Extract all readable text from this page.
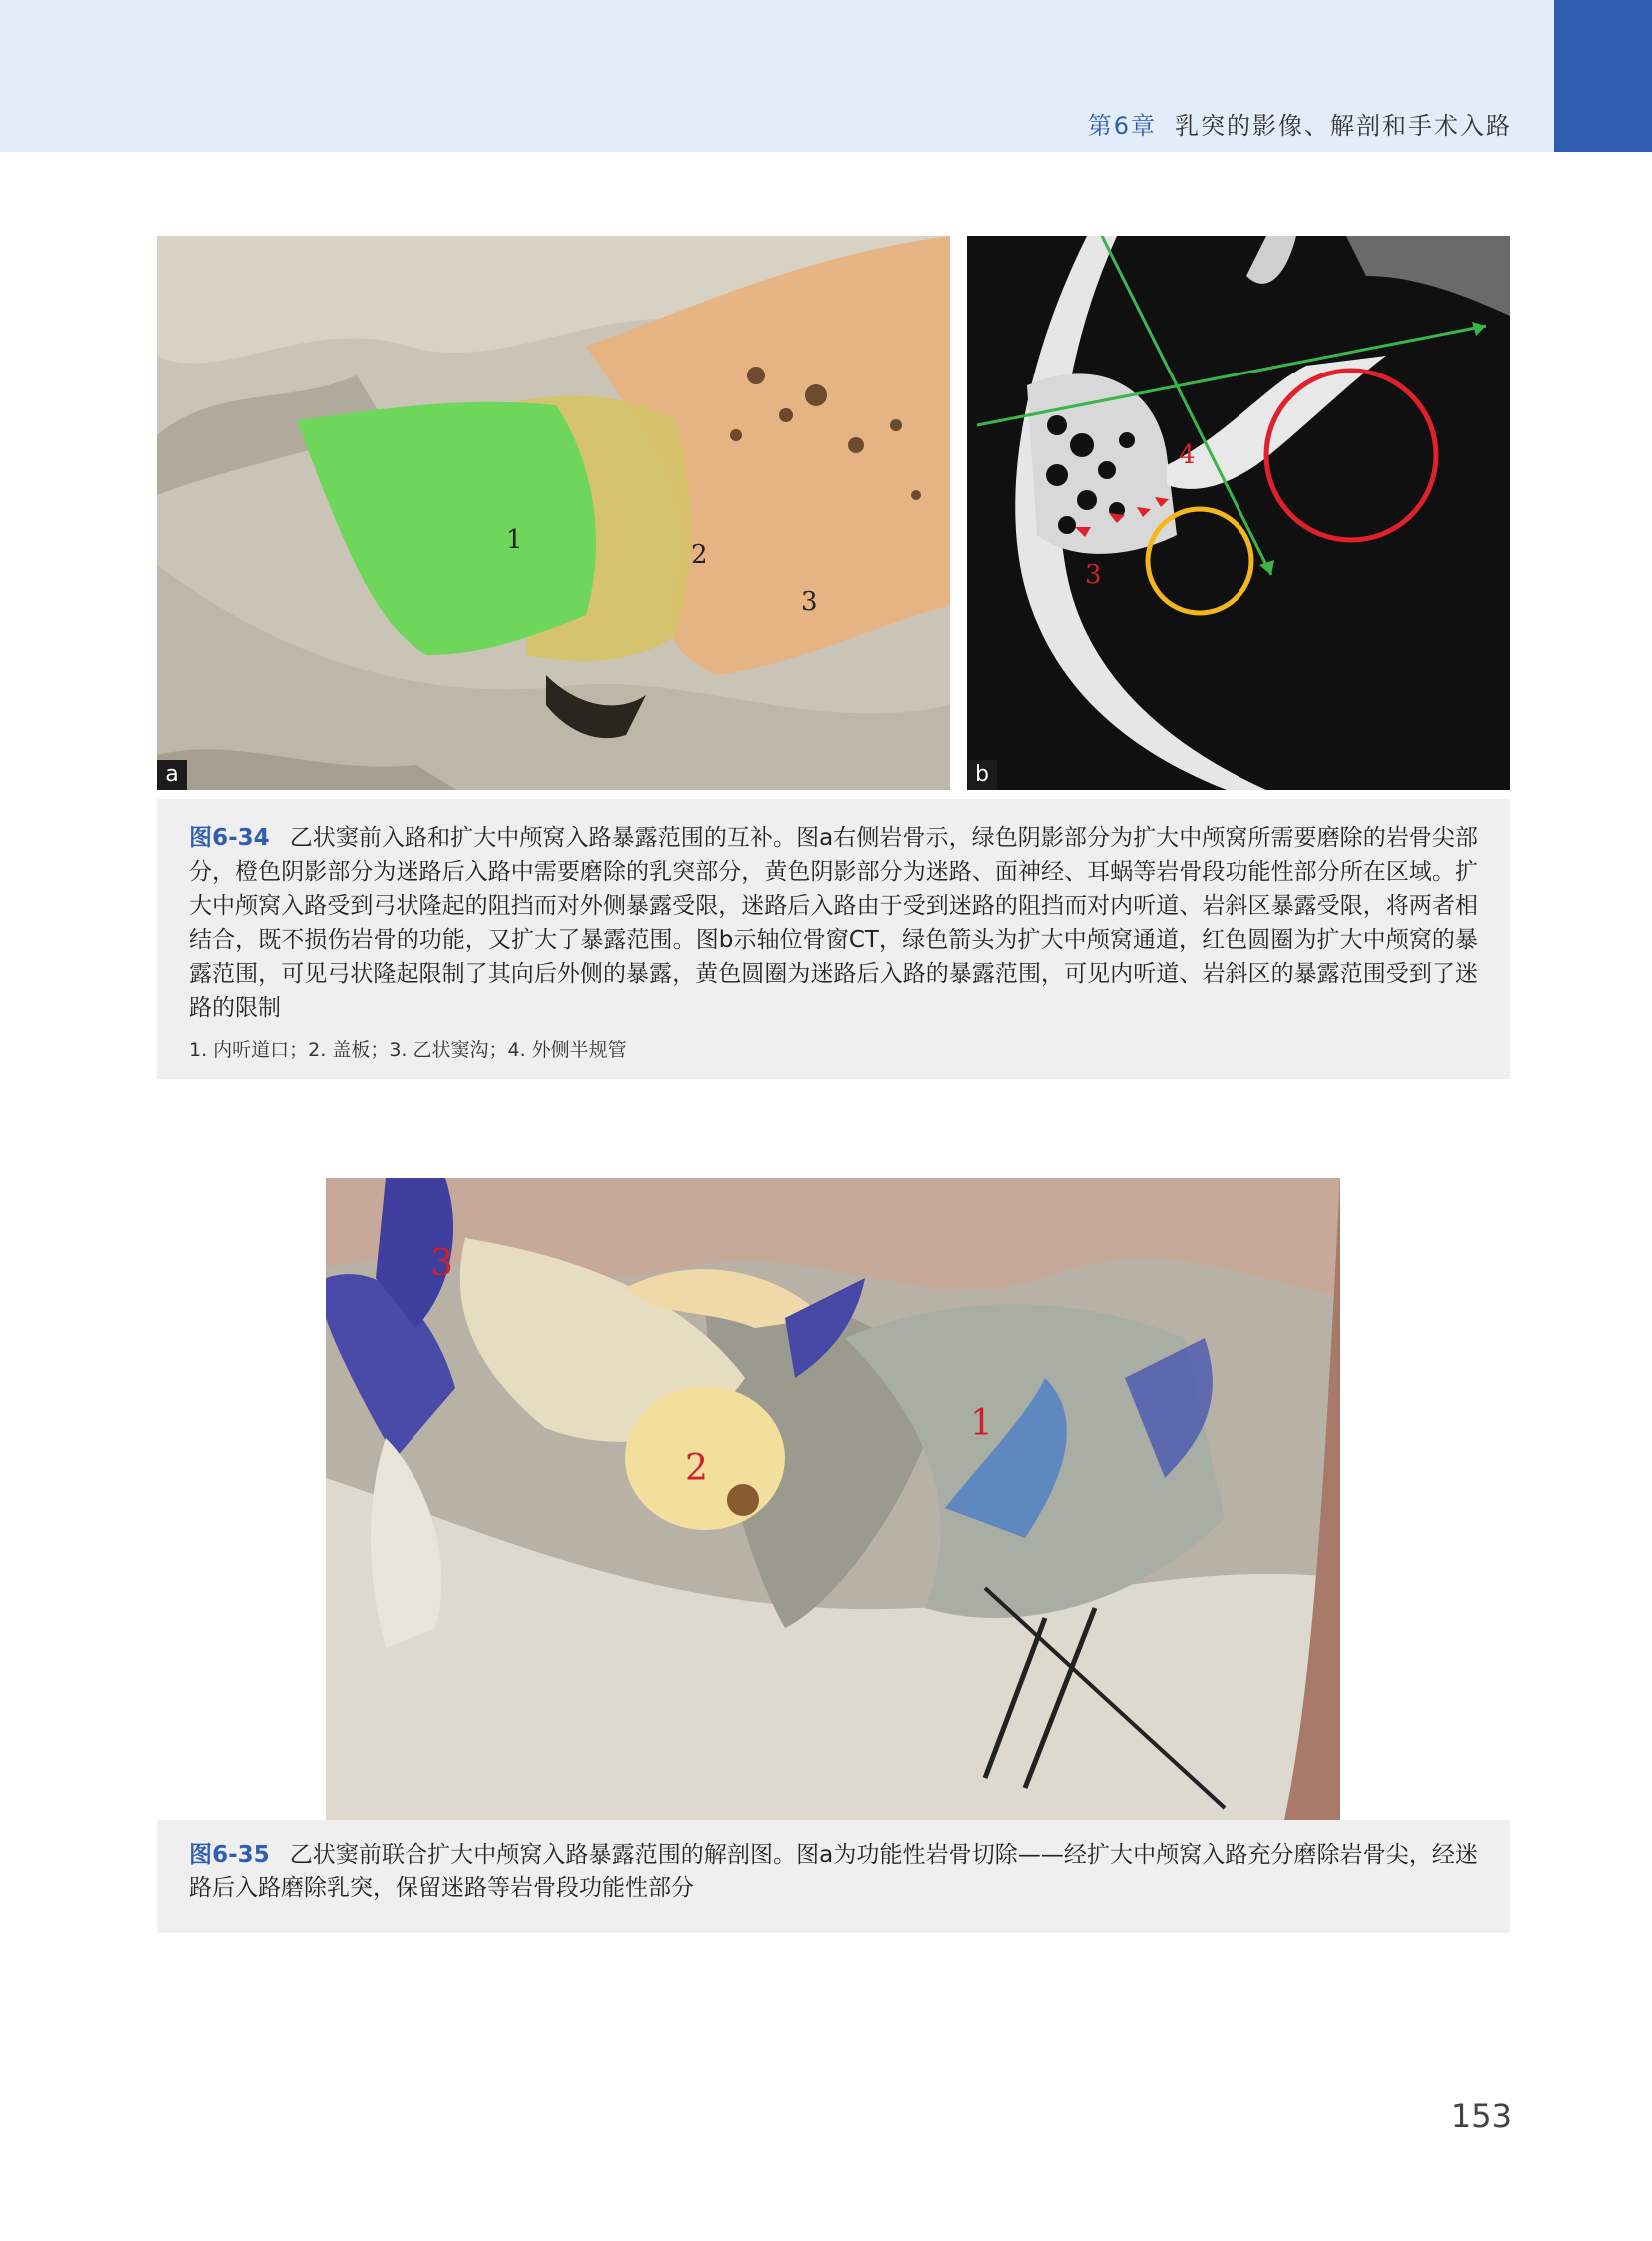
第6章 乳突的影像、解剖和手术入路
1	2
3
a
3
4
b
图6-34 乙状窦前入路和扩大中颅窝入路暴露范围的互补。图a右侧岩骨示，绿色阴影部分为扩大中颅窝所需要磨除的岩骨尖部分，橙色阴影部分为迷路后入路中需要磨除的乳突部分，黄色阴影部分为迷路、面神经、耳蜗等岩骨段功能性部分所在区域。扩大中颅窝入路受到弓状隆起的阻挡而对外侧暴露受限，迷路后入路由于受到迷路的阻挡而对内听道、岩斜区暴露受限，将两者相结合，既不损伤岩骨的功能，又扩大了暴露范围。图b示轴位骨窗CT，绿色箭头为扩大中颅窝通道，红色圆圈为扩大中颅窝的暴露范围，可见弓状隆起限制了其向后外侧的暴露，黄色圆圈为迷路后入路的暴露范围，可见内听道、岩斜区的暴露范围受到了迷路的限制
1. 内听道口；2. 盖板；3. 乙状窦沟；4. 外侧半规管
1
2
3
图6-35 乙状窦前联合扩大中颅窝入路暴露范围的解剖图。图a为功能性岩骨切除——经扩大中颅窝入路充分磨除岩骨尖，经迷路后入路磨除乳突，保留迷路等岩骨段功能性部分
153
